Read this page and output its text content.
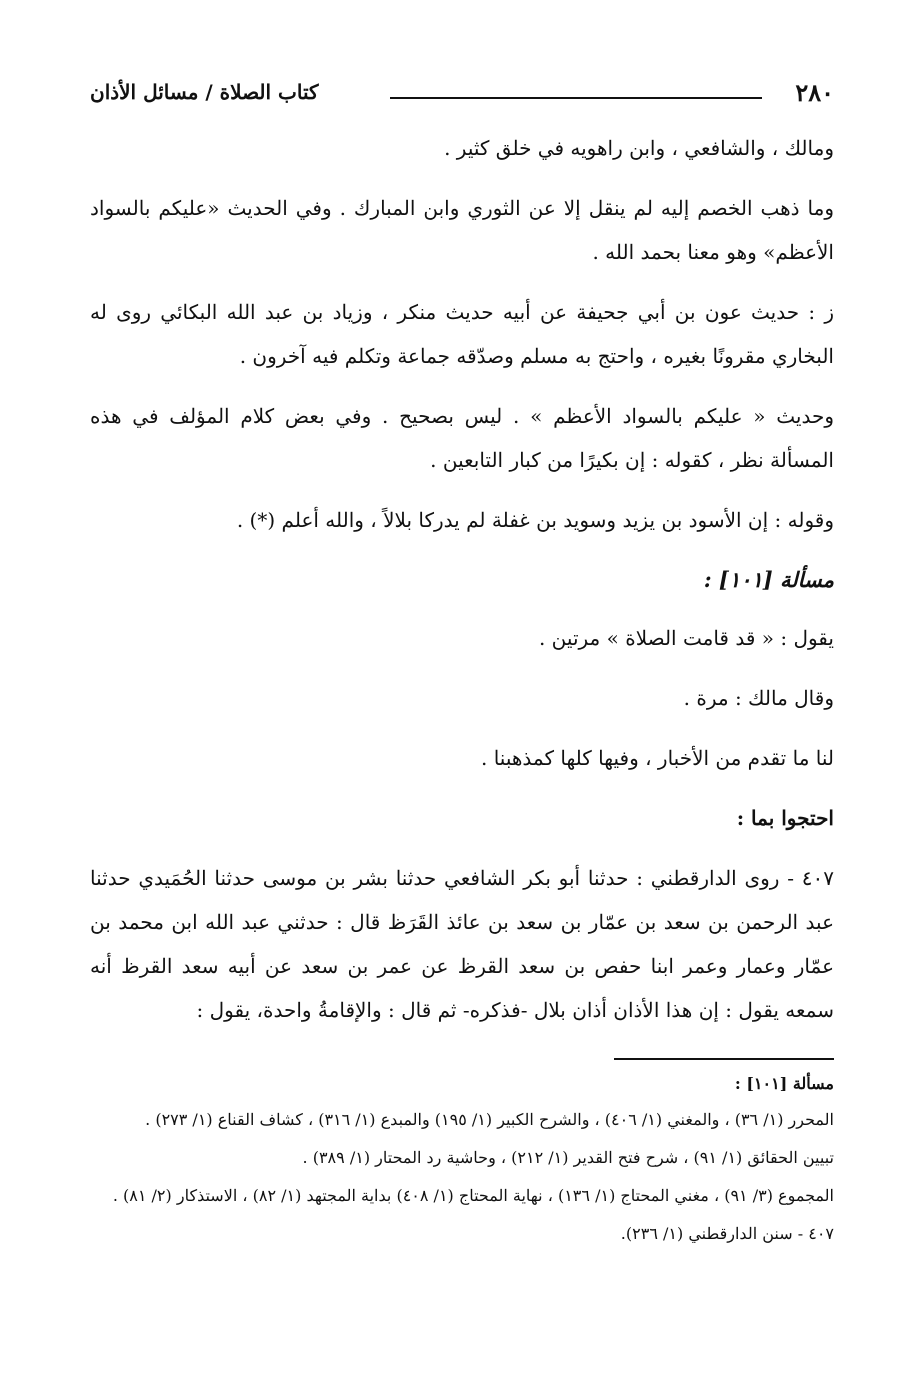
٢٨٠
كتاب الصلاة / مسائل الأذان

ومالك ، والشافعي ، وابن راهويه في خلق كثير .

وما ذهب الخصم إليه لم ينقل إلا عن الثوري وابن المبارك . وفي الحديث «عليكم بالسواد الأعظم» وهو معنا بحمد الله .

ز : حديث عون بن أبي جحيفة عن أبيه حديث منكر ، وزياد بن عبد الله البكائي روى له البخاري مقرونًا بغيره ، واحتج به مسلم وصدّقه جماعة وتكلم فيه آخرون .

وحديث « عليكم بالسواد الأعظم » . ليس بصحيح . وفي بعض كلام المؤلف في هذه المسألة نظر ، كقوله : إن بكيرًا من كبار التابعين .

وقوله : إن الأسود بن يزيد وسويد بن غفلة لم يدركا بلالاً ، والله أعلم (*) .

مسألة [١٠١] :

يقول : « قد قامت الصلاة » مرتين .

وقال مالك : مرة .

لنا ما تقدم من الأخبار ، وفيها كلها كمذهبنا .

احتجوا بما :

٤٠٧ - روى الدارقطني : حدثنا أبو بكر الشافعي حدثنا بشر بن موسى حدثنا الحُمَيدي حدثنا عبد الرحمن بن سعد بن عمّار بن سعد بن عائذ القَرَظ قال : حدثني عبد الله ابن محمد بن عمّار وعمار وعمر ابنا حفص بن سعد القرظ عن عمر بن سعد عن أبيه سعد القرظ أنه سمعه يقول : إن هذا الأذان أذان بلال -فذكره- ثم قال : والإقامةُ واحدة، يقول :

مسألة [١٠١] :

المحرر (١/ ٣٦) ، والمغني (١/ ٤٠٦) ، والشرح الكبير (١/ ١٩٥) والمبدع (١/ ٣١٦) ، كشاف القناع (١/ ٢٧٣) .

تبيين الحقائق (١/ ٩١) ، شرح فتح القدير (١/ ٢١٢) ، وحاشية رد المحتار (١/ ٣٨٩) .

المجموع (٣/ ٩١) ، مغني المحتاج (١/ ١٣٦) ، نهاية المحتاج (١/ ٤٠٨) بداية المجتهد (١/ ٨٢) ، الاستذكار (٢/ ٨١) .

٤٠٧ - سنن الدارقطني (١/ ٢٣٦).
